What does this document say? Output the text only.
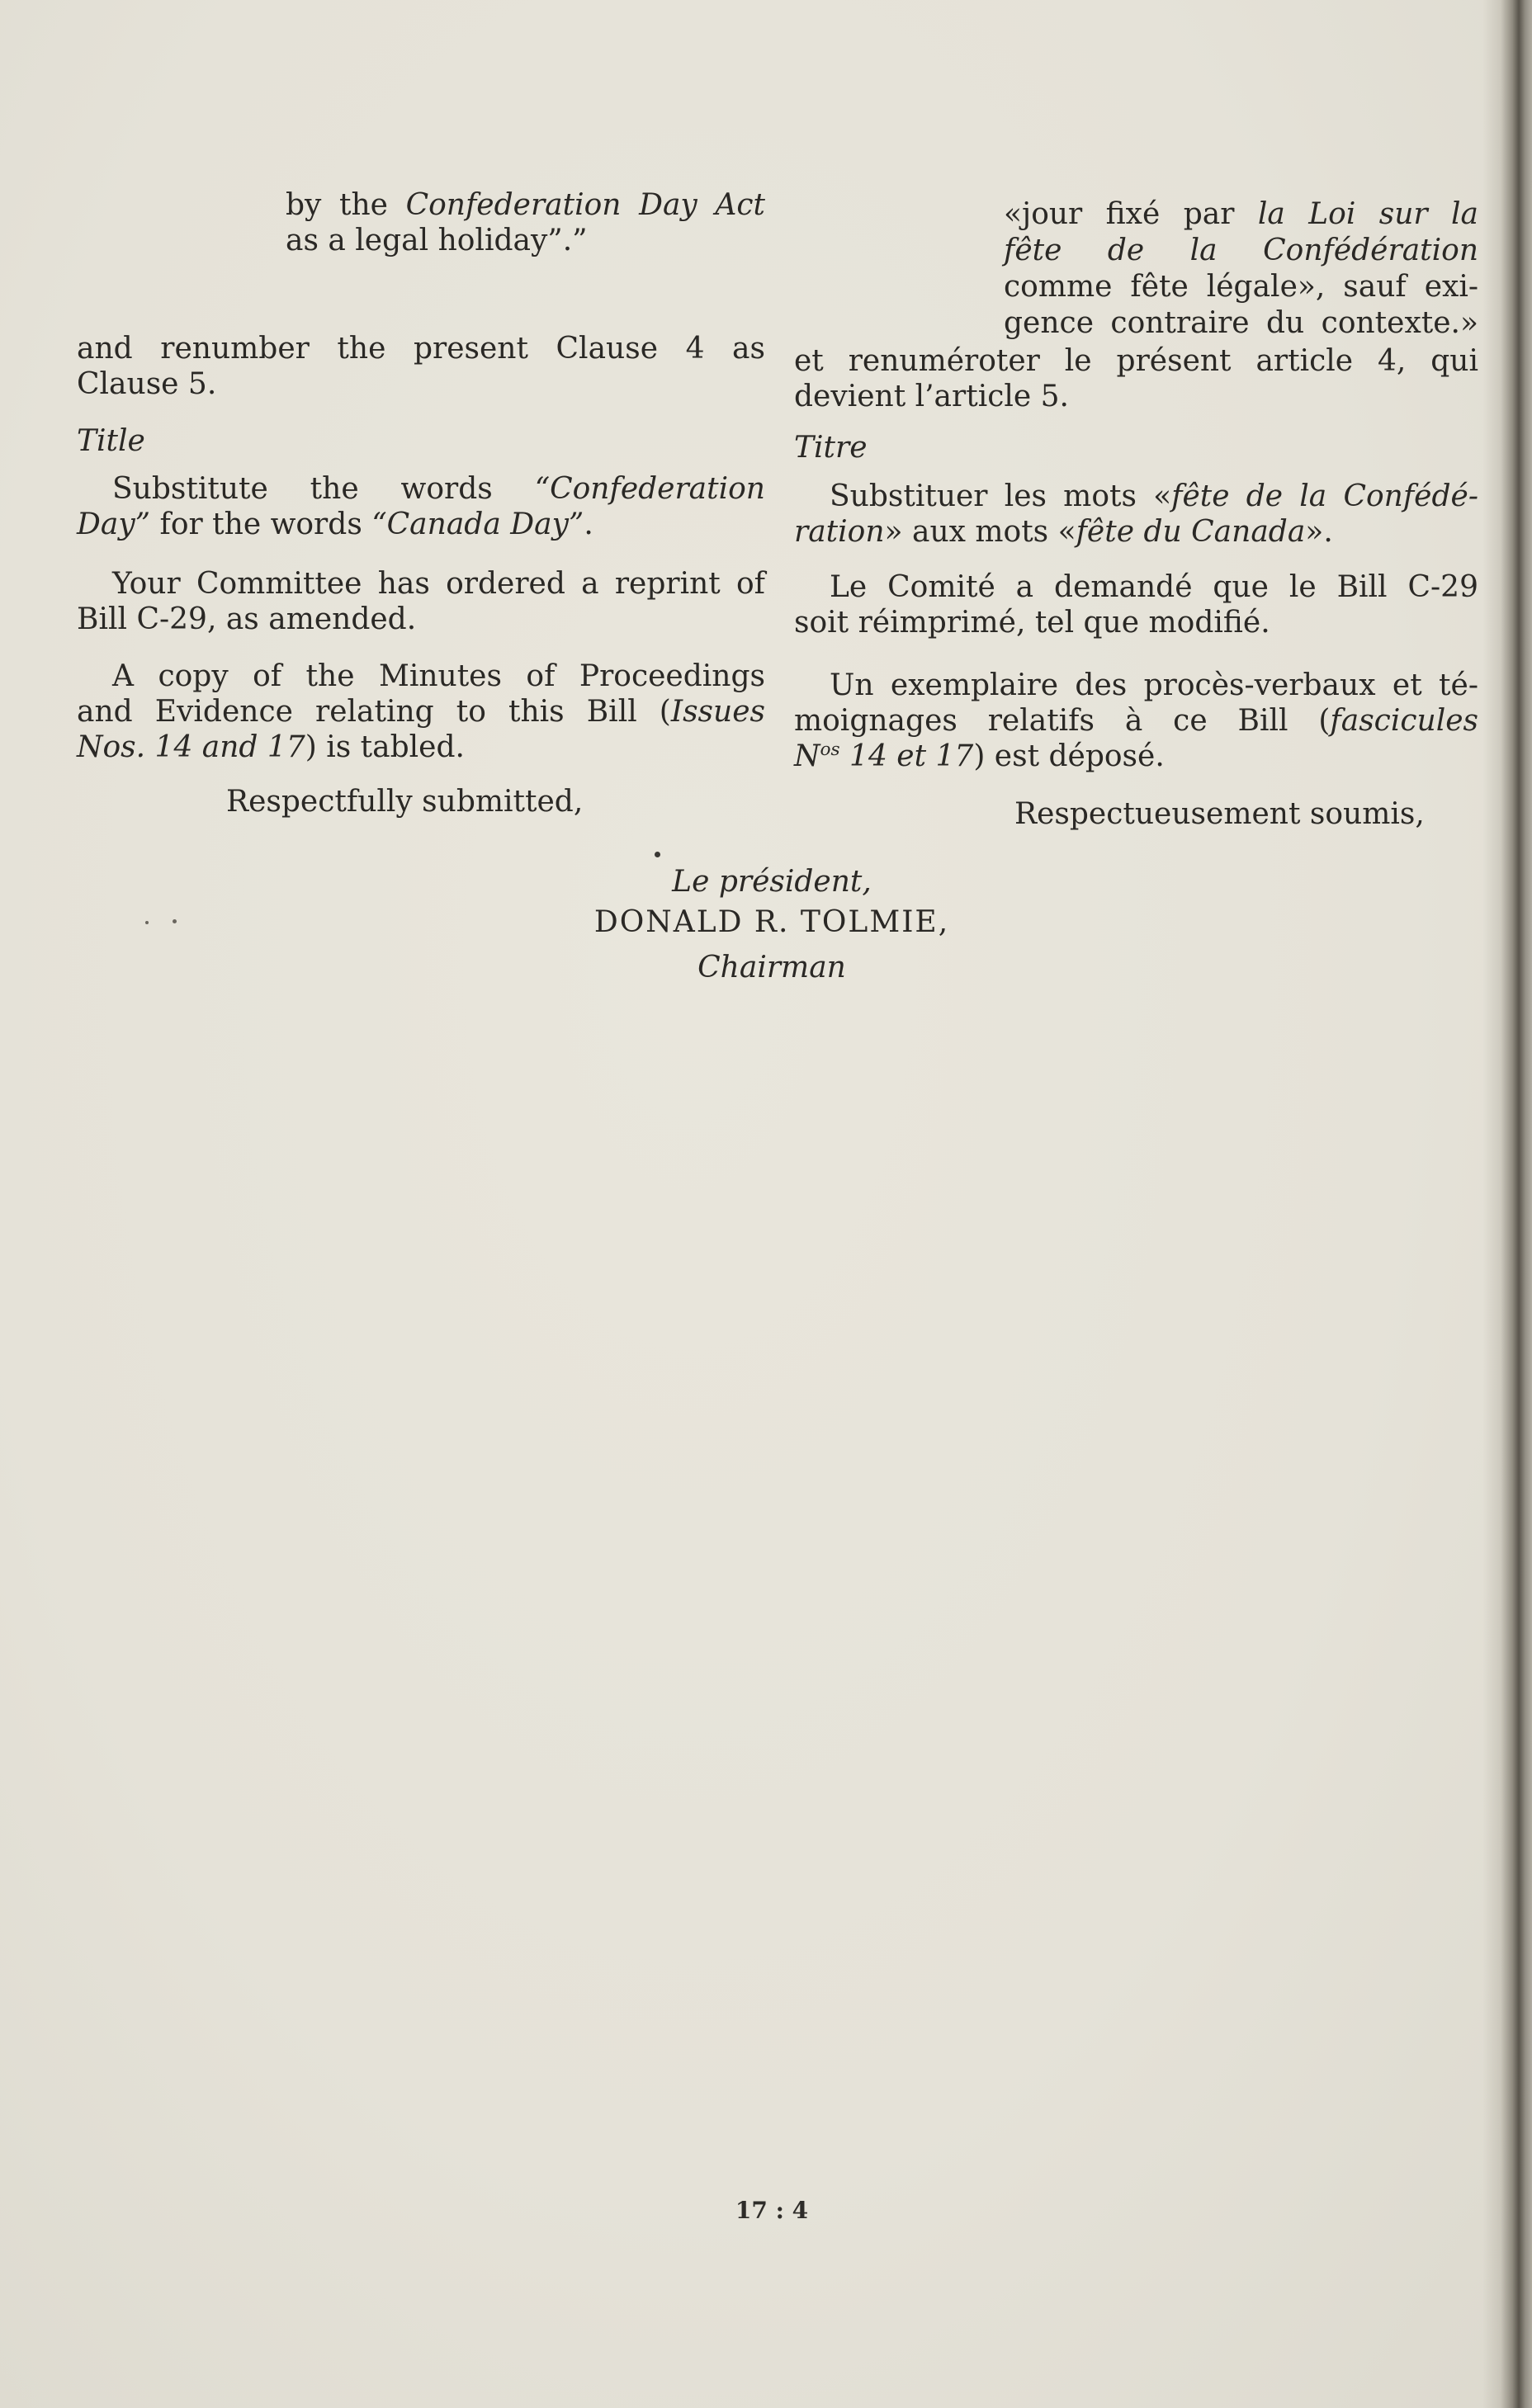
by the Confederation Day Act
as a legal holiday”.”
and renumber the present Clause 4 as
Clause 5.
Title
Substitute the words “Confederation
Day” for the words “Canada Day”.
Your Committee has ordered a reprint of
Bill C-29, as amended.
A copy of the Minutes of Proceedings
and Evidence relating to this Bill (Issues
Nos. 14 and 17) is tabled.
Respectfully submitted,
«jour fixé par la Loi sur la
fête de la Confédération
comme fête légale», sauf exi-
gence contraire du contexte.»
et renuméroter le présent article 4, qui
devient l’article 5.
Titre
Substituer les mots «fête de la Confédé-
ration» aux mots «fête du Canada».
Le Comité a demandé que le Bill C-29
soit réimprimé, tel que modifié.
Un exemplaire des procès-verbaux et té-
moignages relatifs à ce Bill (fascicules
$N^{os}$ 14 et 17) est déposé.
Respectueusement soumis,
Le président,
DONALD R. TOLMIE,
Chairman
17 : 4
